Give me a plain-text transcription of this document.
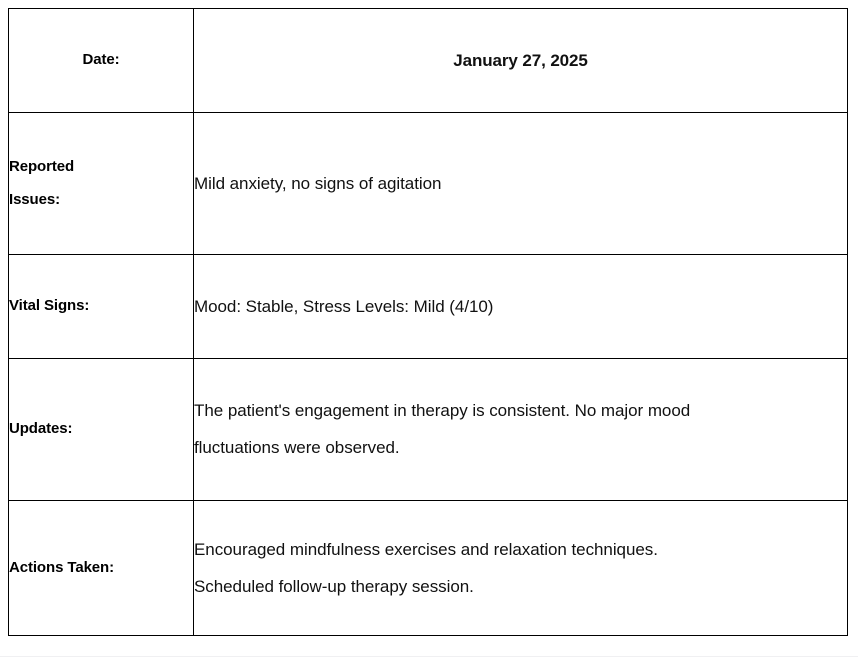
Date:	January 27, 2025

Reported
Issues:	Mild anxiety, no signs of agitation

Vital Signs:	Mood: Stable, Stress Levels: Mild (4/10)

Updates:	The patient's engagement in therapy is consistent. No major mood
fluctuations were observed.

Actions Taken:	Encouraged mindfulness exercises and relaxation techniques.
Scheduled follow-up therapy session.
